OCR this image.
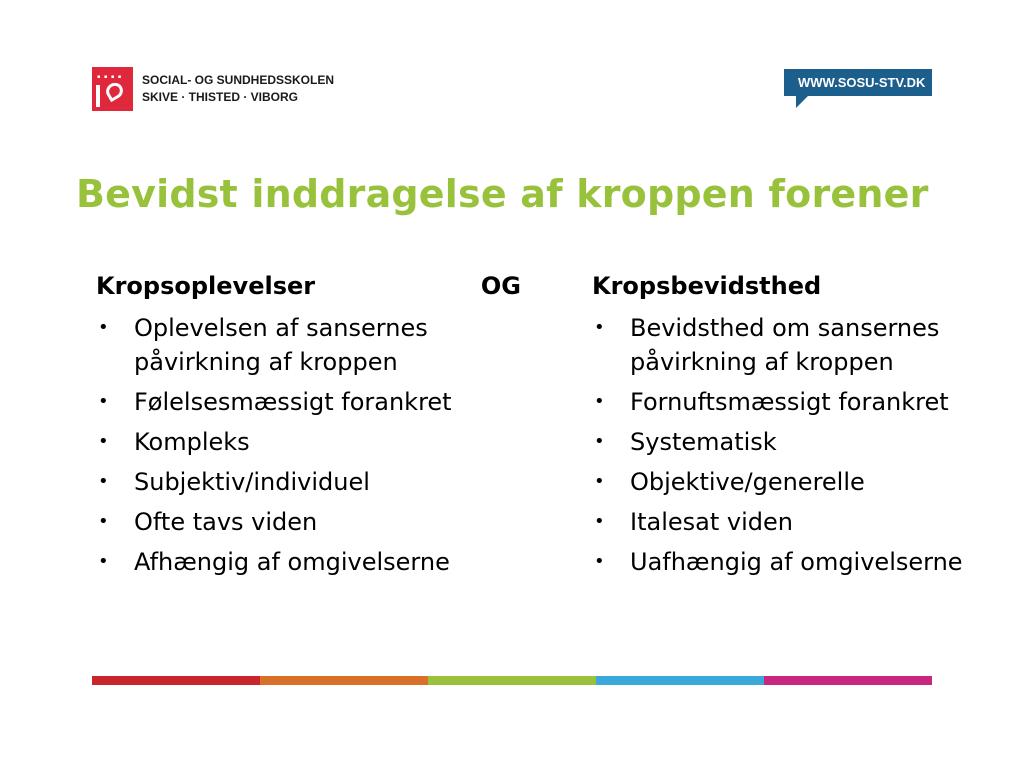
▪ ▪ ▪ ▪ SOCIAL- OG SUNDHEDSSKOLEN
SKIVE · THISTED · VIBORG
WWW.SOSU-STV.DK
Bevidst inddragelse af kroppen forener
Kropsoplevelser	OG
• Oplevelsen af sansernes påvirkning af kroppen
• Følelsesmæssigt forankret
• Kompleks
• Subjektiv/individuel
• Ofte tavs viden
• Afhængig af omgivelserne
Kropsbevidsthed
• Bevidsthed om sansernes påvirkning af kroppen
• Fornuftsmæssigt forankret
• Systematisk
• Objektive/generelle
• Italesat viden
• Uafhængig af omgivelserne
